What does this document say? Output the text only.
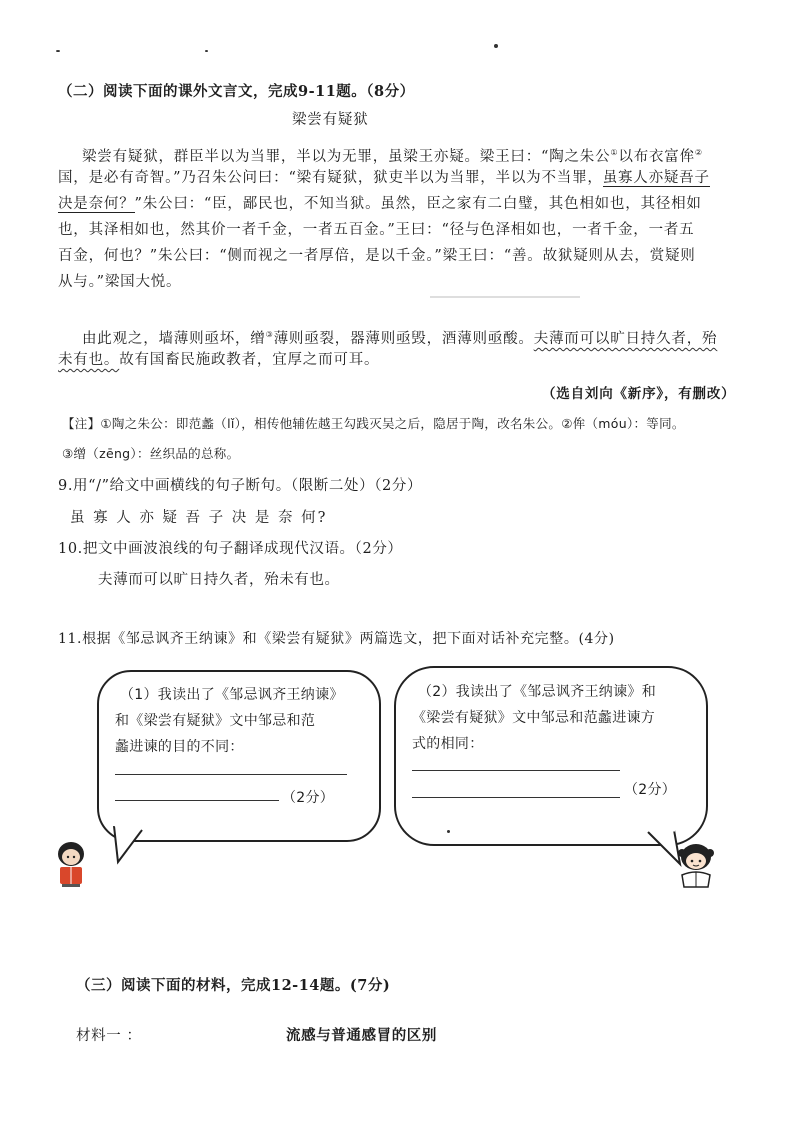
（二）阅读下面的课外文言文，完成9-11题。（8分）
梁尝有疑狱
梁尝有疑狱，群臣半以为当罪，半以为无罪，虽梁王亦疑。梁王曰：“陶之朱公①以布衣富侔②
国，是必有奇智。”乃召朱公问曰：“梁有疑狱，狱吏半以为当罪，半以为不当罪，虽寡人亦疑吾子
决是奈何？”朱公曰：“臣，鄙民也，不知当狱。虽然，臣之家有二白璧，其色相如也，其径相如
也，其泽相如也，然其价一者千金，一者五百金。”王曰：“径与色泽相如也，一者千金，一者五
百金，何也？”朱公曰：“侧而视之一者厚倍，是以千金。”梁王曰：“善。故狱疑则从去，赏疑则
从与。”梁国大悦。
由此观之，墙薄则亟坏，缯③薄则亟裂，器薄则亟毁，酒薄则亟酸。夫薄而可以旷日持久者，殆
未有也。故有国畜民施政教者，宜厚之而可耳。
（选自刘向《新序》，有删改）
【注】①陶之朱公：即范蠡（lǐ），相传他辅佐越王勾践灭吴之后，隐居于陶，改名朱公。②侔（móu）：等同。
③缯（zēng）：丝织品的总称。
9.用“/”给文中画横线的句子断句。（限断二处）（2分）
虽 寡 人 亦 疑 吾 子 决 是 奈 何?
10.把文中画波浪线的句子翻译成现代汉语。（2分）
夫薄而可以旷日持久者，殆未有也。
11.根据《邹忌讽齐王纳谏》和《梁尝有疑狱》两篇选文，把下面对话补充完整。(4分)
（1）我读出了《邹忌讽齐王纳谏》
和《梁尝有疑狱》文中邹忌和范
蠡进谏的目的不同：
（2分）
（2）我读出了《邹忌讽齐王纳谏》和
《梁尝有疑狱》文中邹忌和范蠡进谏方
式的相同：
（2分）
（三）阅读下面的材料，完成12-14题。(7分)
材料一 ：	流感与普通感冒的区别
